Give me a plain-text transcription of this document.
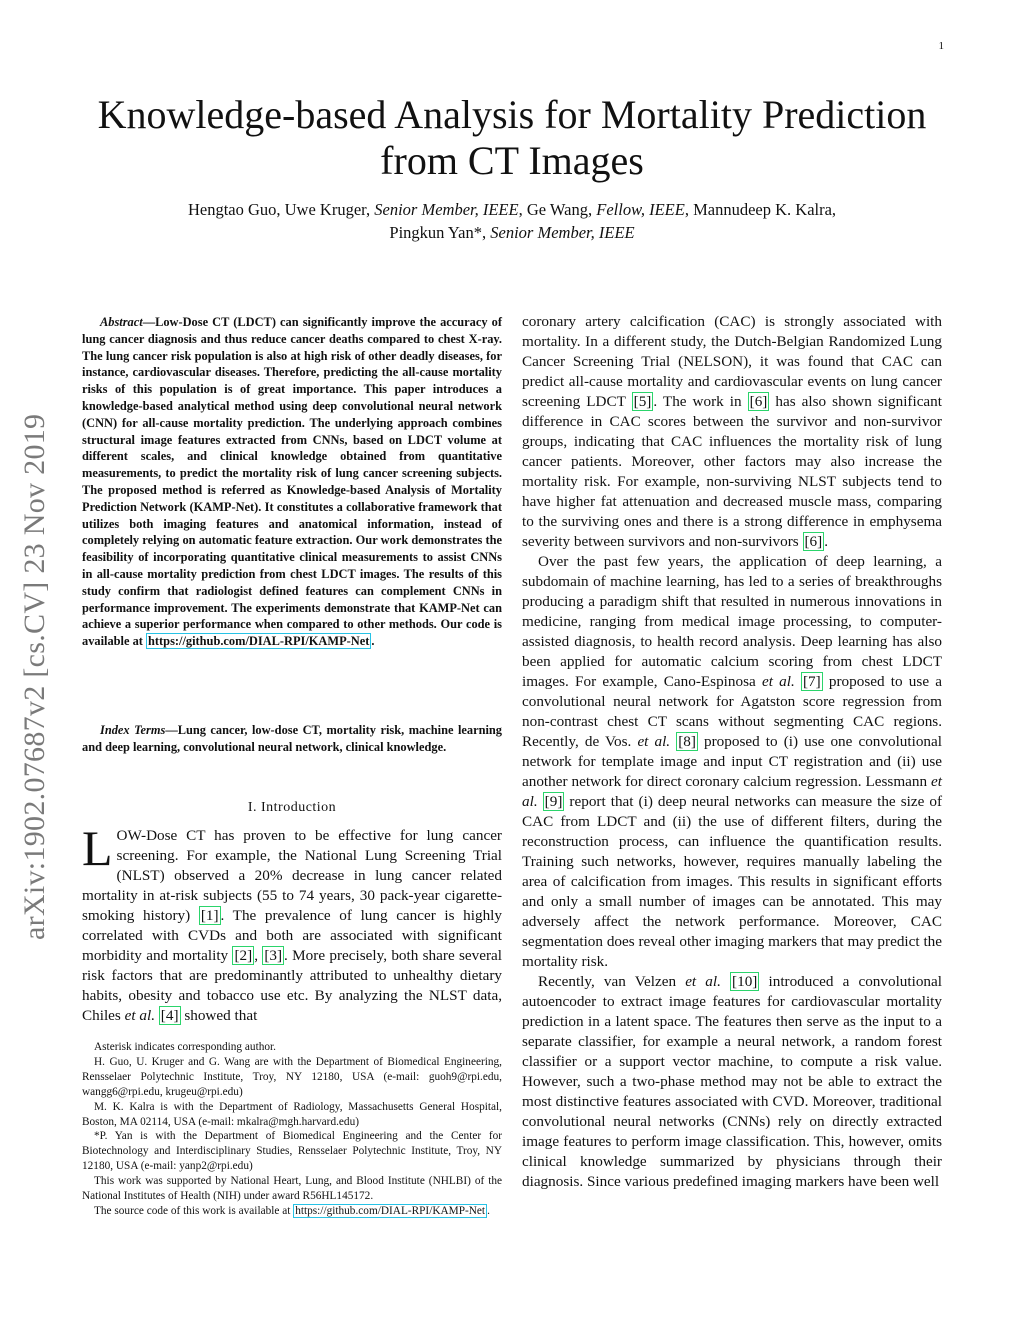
1
arXiv:1902.07687v2 [cs.CV] 23 Nov 2019
Knowledge-based Analysis for Mortality Prediction from CT Images
Hengtao Guo, Uwe Kruger, Senior Member, IEEE, Ge Wang, Fellow, IEEE, Mannudeep K. Kalra,
Pingkun Yan*, Senior Member, IEEE
Abstract—Low-Dose CT (LDCT) can significantly improve the accuracy of lung cancer diagnosis and thus reduce cancer deaths compared to chest X-ray. The lung cancer risk population is also at high risk of other deadly diseases, for instance, cardiovascular diseases. Therefore, predicting the all-cause mortality risks of this population is of great importance. This paper introduces a knowledge-based analytical method using deep convolutional neural network (CNN) for all-cause mortality prediction. The underlying approach combines structural image features extracted from CNNs, based on LDCT volume at different scales, and clinical knowledge obtained from quantitative measurements, to predict the mortality risk of lung cancer screening subjects. The proposed method is referred as Knowledge-based Analysis of Mortality Prediction Network (KAMP-Net). It constitutes a collaborative framework that utilizes both imaging features and anatomical information, instead of completely relying on automatic feature extraction. Our work demonstrates the feasibility of incorporating quantitative clinical measurements to assist CNNs in all-cause mortality prediction from chest LDCT images. The results of this study confirm that radiologist defined features can complement CNNs in performance improvement. The experiments demonstrate that KAMP-Net can achieve a superior performance when compared to other methods. Our code is available at https://github.com/DIAL-RPI/KAMP-Net .
Index Terms—Lung cancer, low-dose CT, mortality risk, machine learning and deep learning, convolutional neural network, clinical knowledge.
I. Introduction
LOW-Dose CT has proven to be effective for lung cancer screening. For example, the National Lung Screening Trial (NLST) observed a 20% decrease in lung cancer related mortality in at-risk subjects (55 to 74 years, 30 pack-year cigarette-smoking history) [1] . The prevalence of lung cancer is highly correlated with CVDs and both are associated with significant morbidity and mortality [2] , [3] . More precisely, both share several risk factors that are predominantly attributed to unhealthy dietary habits, obesity and tobacco use etc. By analyzing the NLST data, Chiles et al. [4] showed that

Asterisk indicates corresponding author.

H. Guo, U. Kruger and G. Wang are with the Department of Biomedical Engineering, Rensselaer Polytechnic Institute, Troy, NY 12180, USA (e-mail: guoh9@rpi.edu, wangg6@rpi.edu, krugeu@rpi.edu)

M. K. Kalra is with the Department of Radiology, Massachusetts General Hospital, Boston, MA 02114, USA (e-mail: mkalra@mgh.harvard.edu)

*P. Yan is with the Department of Biomedical Engineering and the Center for Biotechnology and Interdisciplinary Studies, Rensselaer Polytechnic Institute, Troy, NY 12180, USA (e-mail: yanp2@rpi.edu)

This work was supported by National Heart, Lung, and Blood Institute (NHLBI) of the National Institutes of Health (NIH) under award R56HL145172.

The source code of this work is available at https://github.com/DIAL-RPI/KAMP-Net .

coronary artery calcification (CAC) is strongly associated with mortality. In a different study, the Dutch-Belgian Randomized Lung Cancer Screening Trial (NELSON), it was found that CAC can predict all-cause mortality and cardiovascular events on lung cancer screening LDCT [5] . The work in [6] has also shown significant difference in CAC scores between the survivor and non-survivor groups, indicating that CAC influences the mortality risk of lung cancer patients. Moreover, other factors may also increase the mortality risk. For example, non-surviving NLST subjects tend to have higher fat attenuation and decreased muscle mass, comparing to the surviving ones and there is a strong difference in emphysema severity between survivors and non-survivors [6] .

Over the past few years, the application of deep learning, a subdomain of machine learning, has led to a series of breakthroughs producing a paradigm shift that resulted in numerous innovations in medicine, ranging from medical image processing, to computer-assisted diagnosis, to health record analysis. Deep learning has also been applied for automatic calcium scoring from chest LDCT images. For example, Cano-Espinosa et al. [7] proposed to use a convolutional neural network for Agatston score regression from non-contrast chest CT scans without segmenting CAC regions. Recently, de Vos. et al. [8] proposed to (i) use one convolutional network for template image and input CT registration and (ii) use another network for direct coronary calcium regression. Lessmann et al. [9] report that (i) deep neural networks can measure the size of CAC from LDCT and (ii) the use of different filters, during the reconstruction process, can influence the quantification results. Training such networks, however, requires manually labeling the area of calcification from images. This results in significant efforts and only a small number of images can be annotated. This may adversely affect the network performance. Moreover, CAC segmentation does reveal other imaging markers that may predict the mortality risk.

Recently, van Velzen et al. [10] introduced a convolutional autoencoder to extract image features for cardiovascular mortality prediction in a latent space. The features then serve as the input to a separate classifier, for example a neural network, a random forest classifier or a support vector machine, to compute a risk value. However, such a two-phase method may not be able to extract the most distinctive features associated with CVD. Moreover, traditional convolutional neural networks (CNNs) rely on directly extracted image features to perform image classification. This, however, omits clinical knowledge summarized by physicians through their diagnosis. Since various predefined imaging markers have been well
